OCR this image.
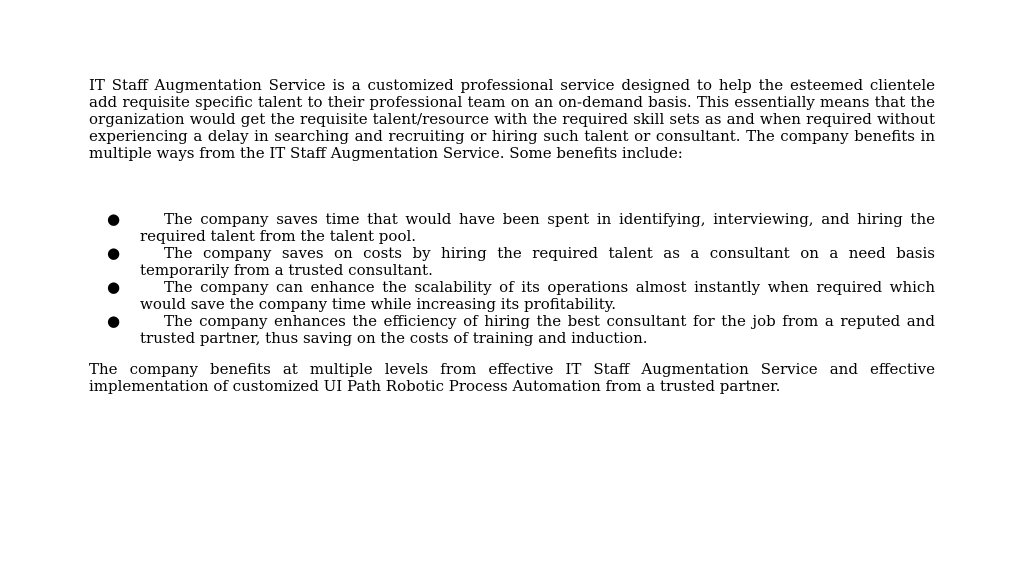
IT Staff Augmentation Service is a customized professional service designed to help the esteemed clientele add requisite specific talent to their professional team on an on-demand basis. This essentially means that the organization would get the requisite talent/resource with the required skill sets as and when required without experiencing a delay in searching and recruiting or hiring such talent or consultant. The company benefits in multiple ways from the IT Staff Augmentation Service. Some benefits include:

●	The company saves time that would have been spent in identifying, interviewing, and hiring the required talent from the talent pool.
●	The company saves on costs by hiring the required talent as a consultant on a need basis temporarily from a trusted consultant.
●	The company can enhance the scalability of its operations almost instantly when required which would save the company time while increasing its profitability.
●	The company enhances the efficiency of hiring the best consultant for the job from a reputed and trusted partner, thus saving on the costs of training and induction.

The company benefits at multiple levels from effective IT Staff Augmentation Service and effective implementation of customized UI Path Robotic Process Automation from a trusted partner.
